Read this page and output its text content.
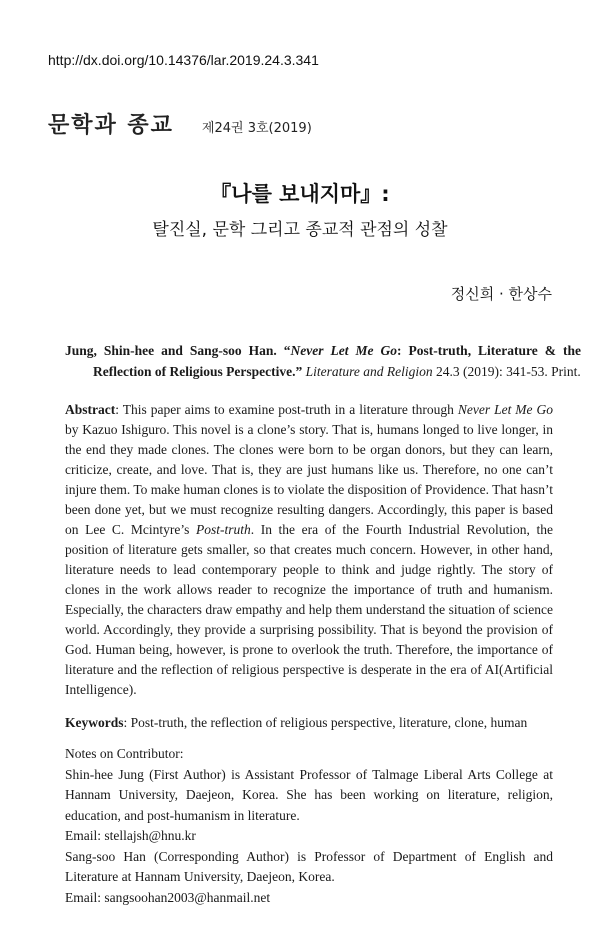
http://dx.doi.org/10.14376/lar.2019.24.3.341
문학과 종교 제24권 3호(2019)
『나를 보내지마』:
탈진실, 문학 그리고 종교적 관점의 성찰
정신희 · 한상수
Jung, Shin-hee and Sang-soo Han. “Never Let Me Go: Post-truth, Literature & the Reflection of Religious Perspective.” Literature and Religion 24.3 (2019): 341-53. Print.
Abstract: This paper aims to examine post-truth in a literature through Never Let Me Go by Kazuo Ishiguro. This novel is a clone’s story. That is, humans longed to live longer, in the end they made clones. The clones were born to be organ donors, but they can learn, criticize, create, and love. That is, they are just humans like us. Therefore, no one can’t injure them. To make human clones is to violate the disposition of Providence. That hasn’t been done yet, but we must recognize resulting dangers. Accordingly, this paper is based on Lee C. Mcintyre’s Post-truth. In the era of the Fourth Industrial Revolution, the position of literature gets smaller, so that creates much concern. However, in other hand, literature needs to lead contemporary people to think and judge rightly. The story of clones in the work allows reader to recognize the importance of truth and humanism. Especially, the characters draw empathy and help them understand the situation of science world. Accordingly, they provide a surprising possibility. That is beyond the provision of God. Human being, however, is prone to overlook the truth. Therefore, the importance of literature and the reflection of religious perspective is desperate in the era of AI(Artificial Intelligence).
Keywords: Post-truth, the reflection of religious perspective, literature, clone, human

Notes on Contributor:

Shin-hee Jung (First Author) is Assistant Professor of Talmage Liberal Arts College at Hannam University, Daejeon, Korea. She has been working on literature, religion, education, and post-humanism in literature.

Email: stellajsh@hnu.kr

Sang-soo Han (Corresponding Author) is Professor of Department of English and Literature at Hannam University, Daejeon, Korea.

Email: sangsoohan2003@hanmail.net
